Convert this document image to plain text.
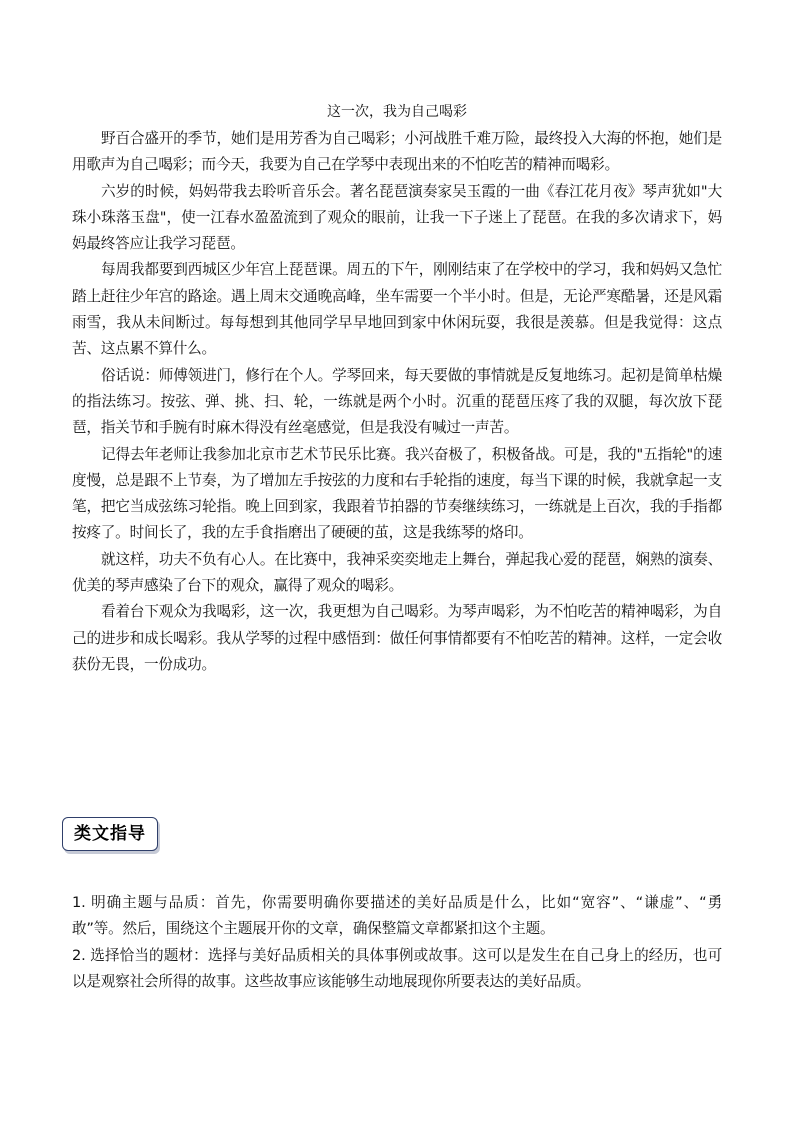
这一次，我为自己喝彩

野百合盛开的季节，她们是用芳香为自己喝彩；小河战胜千难万险，最终投入大海的怀抱，她们是用歌声为自己喝彩；而今天，我要为自己在学琴中表现出来的不怕吃苦的精神而喝彩。

六岁的时候，妈妈带我去聆听音乐会。著名琵琶演奏家吴玉霞的一曲《春江花月夜》琴声犹如"大珠小珠落玉盘"，使一江春水盈盈流到了观众的眼前，让我一下子迷上了琵琶。在我的多次请求下，妈妈最终答应让我学习琵琶。

每周我都要到西城区少年宫上琵琶课。周五的下午，刚刚结束了在学校中的学习，我和妈妈又急忙踏上赶往少年宫的路途。遇上周末交通晚高峰，坐车需要一个半小时。但是，无论严寒酷暑，还是风霜雨雪，我从未间断过。每每想到其他同学早早地回到家中休闲玩耍，我很是羡慕。但是我觉得：这点苦、这点累不算什么。

俗话说：师傅领进门，修行在个人。学琴回来，每天要做的事情就是反复地练习。起初是简单枯燥的指法练习。按弦、弹、挑、扫、轮，一练就是两个小时。沉重的琵琶压疼了我的双腿，每次放下琵琶，指关节和手腕有时麻木得没有丝毫感觉，但是我没有喊过一声苦。

记得去年老师让我参加北京市艺术节民乐比赛。我兴奋极了，积极备战。可是，我的"五指轮"的速度慢，总是跟不上节奏，为了增加左手按弦的力度和右手轮指的速度，每当下课的时候，我就拿起一支笔，把它当成弦练习轮指。晚上回到家，我跟着节拍器的节奏继续练习，一练就是上百次，我的手指都按疼了。时间长了，我的左手食指磨出了硬硬的茧，这是我练琴的烙印。

就这样，功夫不负有心人。在比赛中，我神采奕奕地走上舞台，弹起我心爱的琵琶，娴熟的演奏、优美的琴声感染了台下的观众，赢得了观众的喝彩。

看着台下观众为我喝彩，这一次，我更想为自己喝彩。为琴声喝彩，为不怕吃苦的精神喝彩，为自己的进步和成长喝彩。我从学琴的过程中感悟到：做任何事情都要有不怕吃苦的精神。这样，一定会收获份无畏，一份成功。

类文指导

1. 明确主题与品质：首先，你需要明确你要描述的美好品质是什么，比如“宽容”、“谦虚”、“勇敢”等。然后，围绕这个主题展开你的文章，确保整篇文章都紧扣这个主题。

2. 选择恰当的题材：选择与美好品质相关的具体事例或故事。这可以是发生在自己身上的经历，也可以是观察社会所得的故事。这些故事应该能够生动地展现你所要表达的美好品质。
